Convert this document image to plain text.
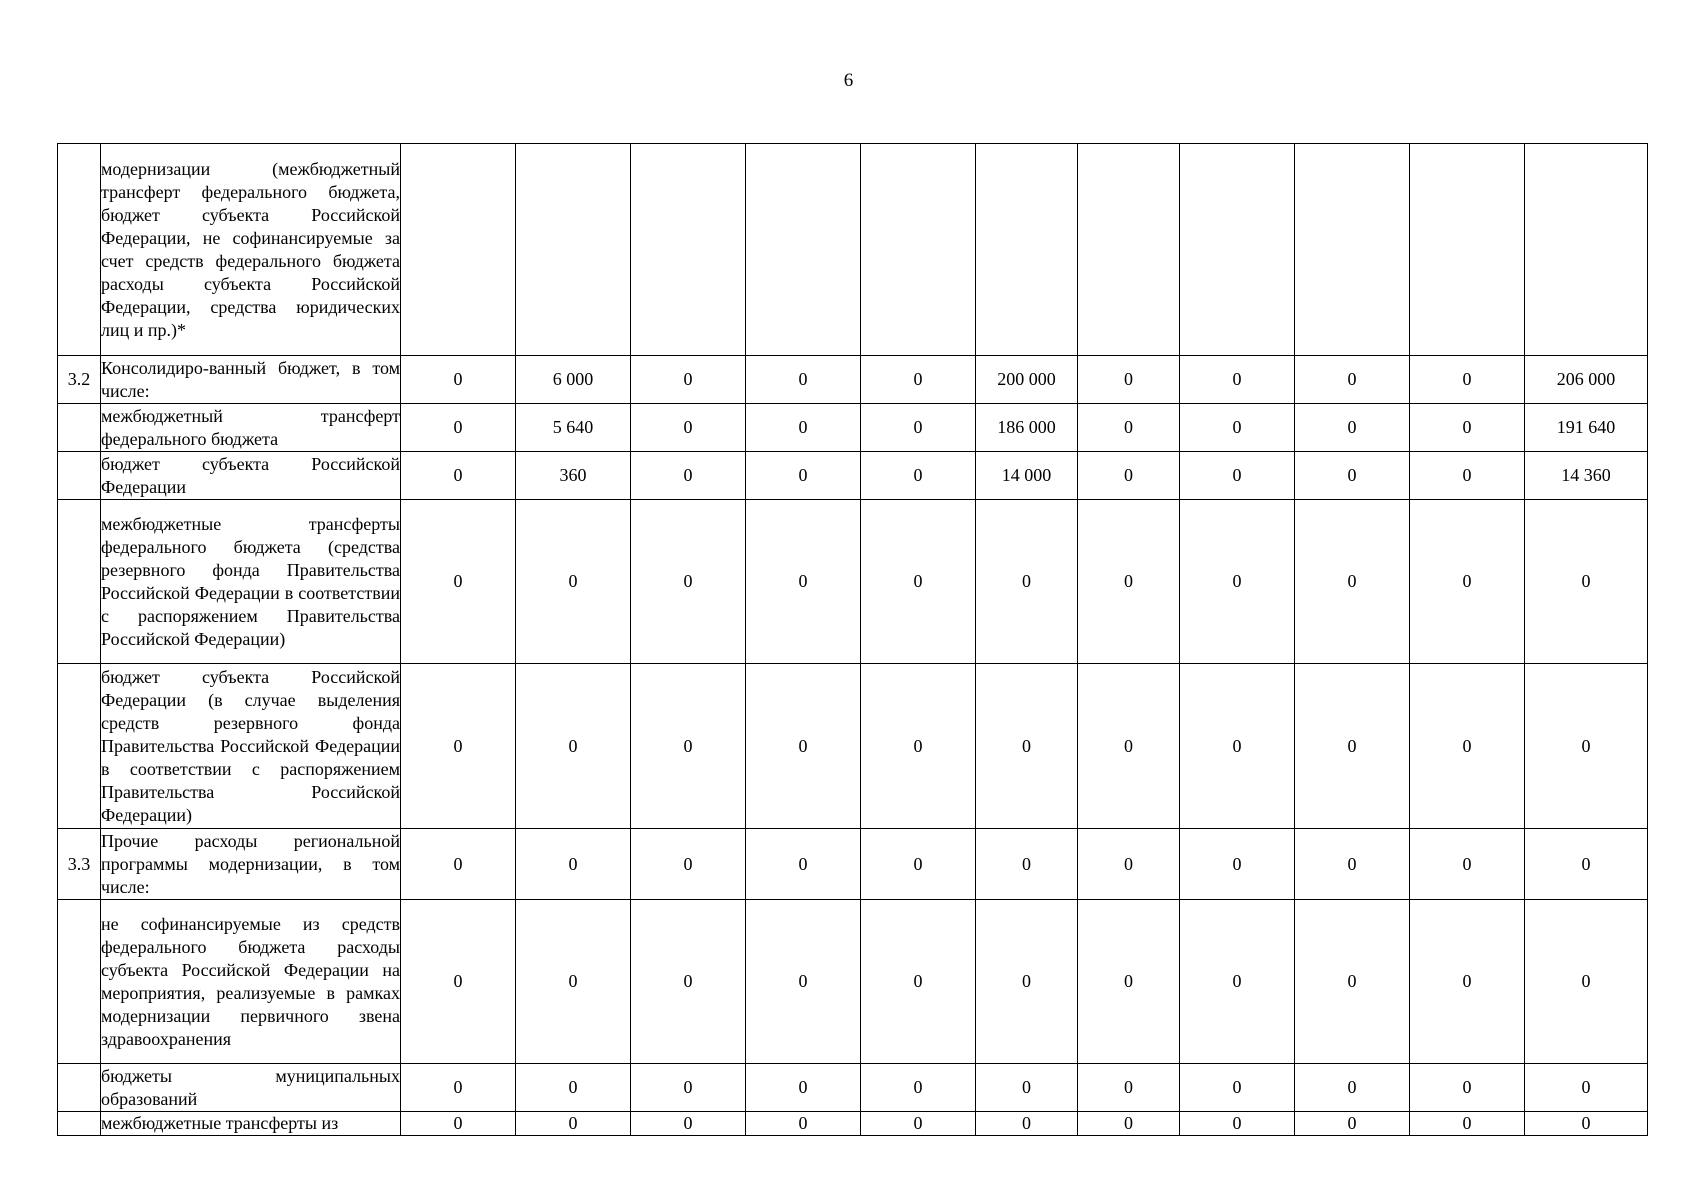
6

	модернизации (межбюджетный трансферт федерального бюджета, бюджет субъекта Российской Федерации, не софинансируемые за счет средств федерального бюджета расходы субъекта Российской Федерации, средства юридических лиц и пр.)*											

3.2	Консолидиро-ванный бюджет, в том числе:	0	6 000	0	0	0	200 000	0	0	0	0	206 000

	межбюджетный трансферт федерального бюджета	0	5 640	0	0	0	186 000	0	0	0	0	191 640

	бюджет субъекта Российской Федерации	0	360	0	0	0	14 000	0	0	0	0	14 360

	межбюджетные трансферты федерального бюджета (средства резервного фонда Правительства Российской Федерации в соответствии с распоряжением Правительства Российской Федерации)	0	0	0	0	0	0	0	0	0	0	0

	бюджет субъекта Российской Федерации (в случае выделения средств резервного фонда Правительства Российской Федерации в соответствии с распоряжением Правительства Российской Федерации)	0	0	0	0	0	0	0	0	0	0	0
3.3	Прочие расходы региональной программы модернизации, в том числе:	0	0	0	0	0	0	0	0	0	0	0

	не софинансируемые из средств федерального бюджета расходы субъекта Российской Федерации на мероприятия, реализуемые в рамках модернизации первичного звена здравоохранения	0	0	0	0	0	0	0	0	0	0	0

	бюджеты муниципальных образований	0	0	0	0	0	0	0	0	0	0	0

	межбюджетные трансферты из	0	0	0	0	0	0	0	0	0	0	0
